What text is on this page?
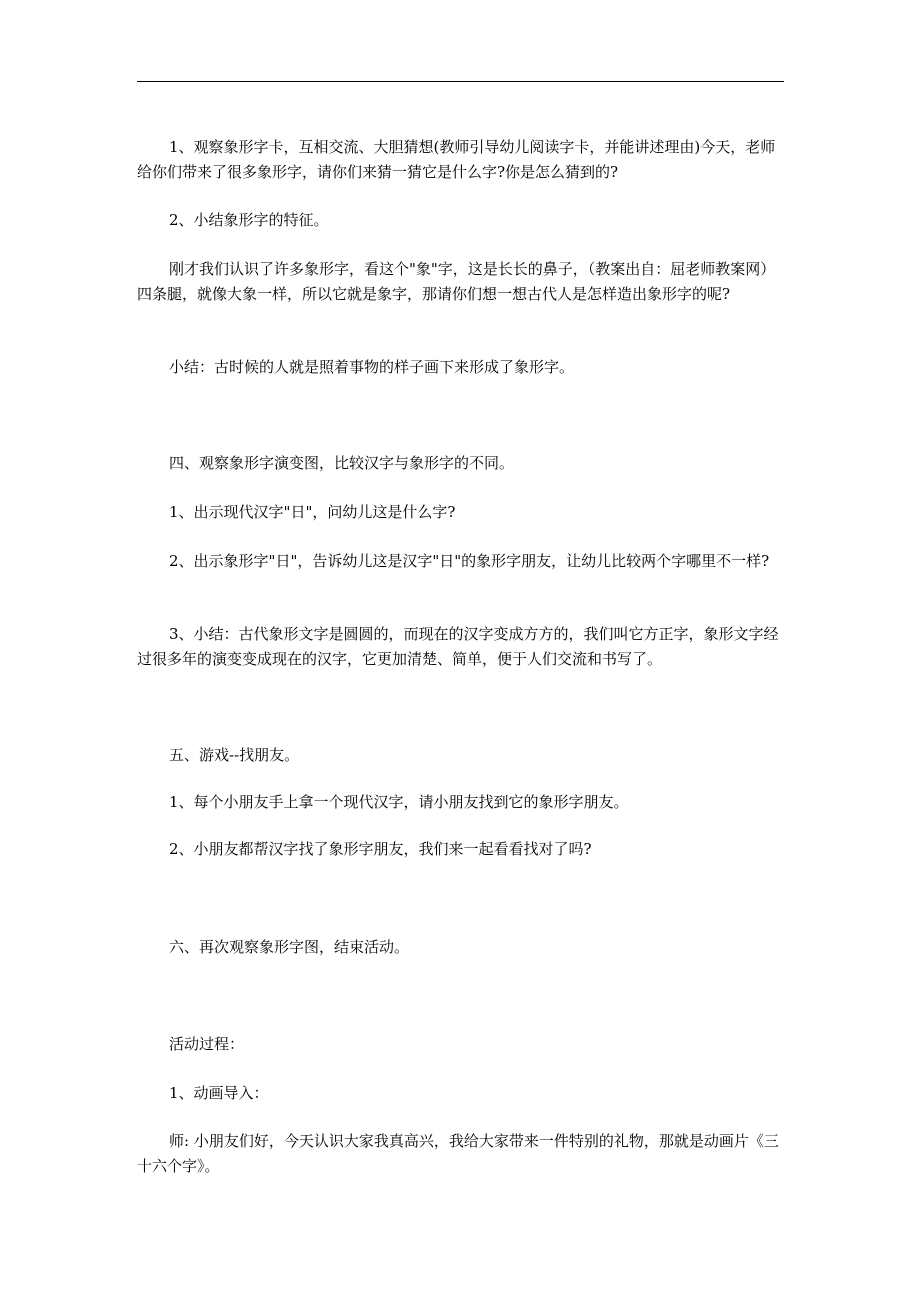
1、观察象形字卡，互相交流、大胆猜想(教师引导幼儿阅读字卡，并能讲述理由)今天，老师给你们带来了很多象形字，请你们来猜一猜它是什么字?你是怎么猜到的?

2、小结象形字的特征。

刚才我们认识了许多象形字，看这个"象"字，这是长长的鼻子，（教案出自：屈老师教案网）四条腿，就像大象一样，所以它就是象字，那请你们想一想古代人是怎样造出象形字的呢?

小结：古时候的人就是照着事物的样子画下来形成了象形字。

四、观察象形字演变图，比较汉字与象形字的不同。

1、出示现代汉字"日"，问幼儿这是什么字?

2、出示象形字"日"，告诉幼儿这是汉字"日"的象形字朋友，让幼儿比较两个字哪里不一样?

3、小结：古代象形文字是圆圆的，而现在的汉字变成方方的，我们叫它方正字，象形文字经过很多年的演变变成现在的汉字，它更加清楚、简单，便于人们交流和书写了。

五、游戏--找朋友。

1、每个小朋友手上拿一个现代汉字，请小朋友找到它的象形字朋友。

2、小朋友都帮汉字找了象形字朋友，我们来一起看看找对了吗?

六、再次观察象形字图，结束活动。

活动过程：

1、动画导入：

师: 小朋友们好，今天认识大家我真高兴，我给大家带来一件特别的礼物，那就是动画片《三十六个字》。
